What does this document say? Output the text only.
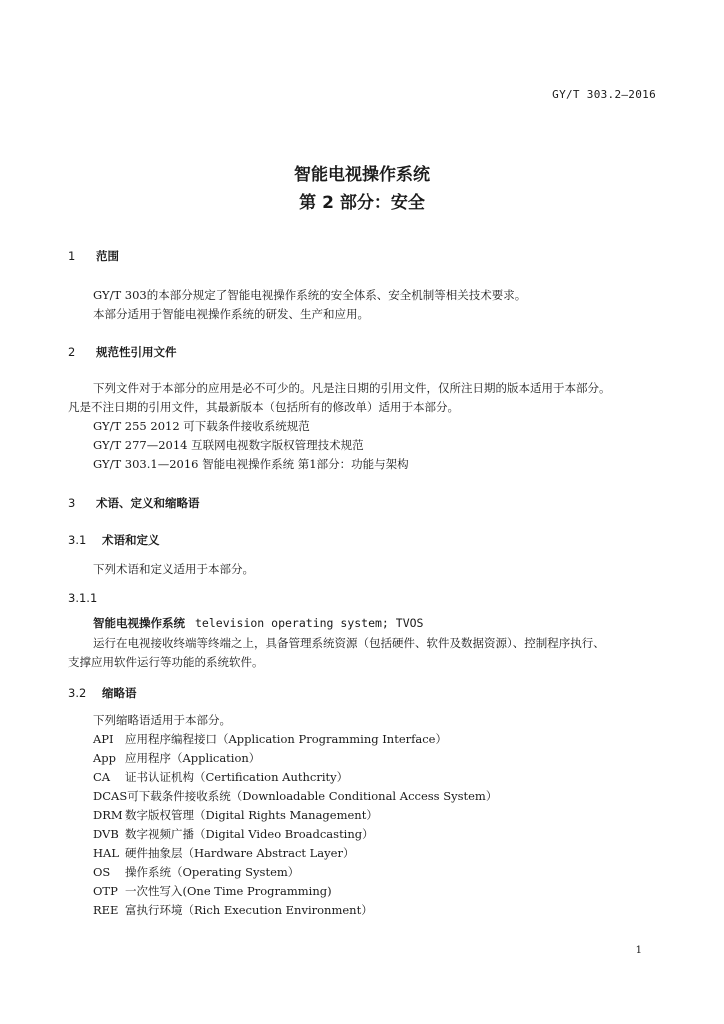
GY/T 303.2—2016
智能电视操作系统
第 2 部分：安全
1 范围
GY/T 303的本部分规定了智能电视操作系统的安全体系、安全机制等相关技术要求。
本部分适用于智能电视操作系统的研发、生产和应用。
2 规范性引用文件
下列文件对于本部分的应用是必不可少的。凡是注日期的引用文件，仅所注日期的版本适用于本部分。
凡是不注日期的引用文件，其最新版本（包括所有的修改单）适用于本部分。
GY/T 255 2012 可下载条件接收系统规范
GY/T 277—2014 互联网电视数字版权管理技术规范
GY/T 303.1—2016 智能电视操作系统 第1部分：功能与架构
3 术语、定义和缩略语
3.1 术语和定义
下列术语和定义适用于本部分。
3.1.1
智能电视操作系统 television operating system; TVOS
运行在电视接收终端等终端之上，具备管理系统资源（包括硬件、软件及数据资源）、控制程序执行、
支撑应用软件运行等功能的系统软件。
3.2 缩略语
下列缩略语适用于本部分。
API 应用程序编程接口（Application Programming Interface）
App 应用程序（Application）
CA 证书认证机构（Certification Authcrity）
DCAS可下载条件接收系统（Downloadable Conditional Access System）
DRM 数字版权管理（Digital Rights Management）
DVB 数字视频广播（Digital Video Broadcasting）
HAL 硬件抽象层（Hardware Abstract Layer）
OS 操作系统（Operating System）
OTP 一次性写入(One Time Programming)
REE 富执行环境（Rich Execution Environment）
1
